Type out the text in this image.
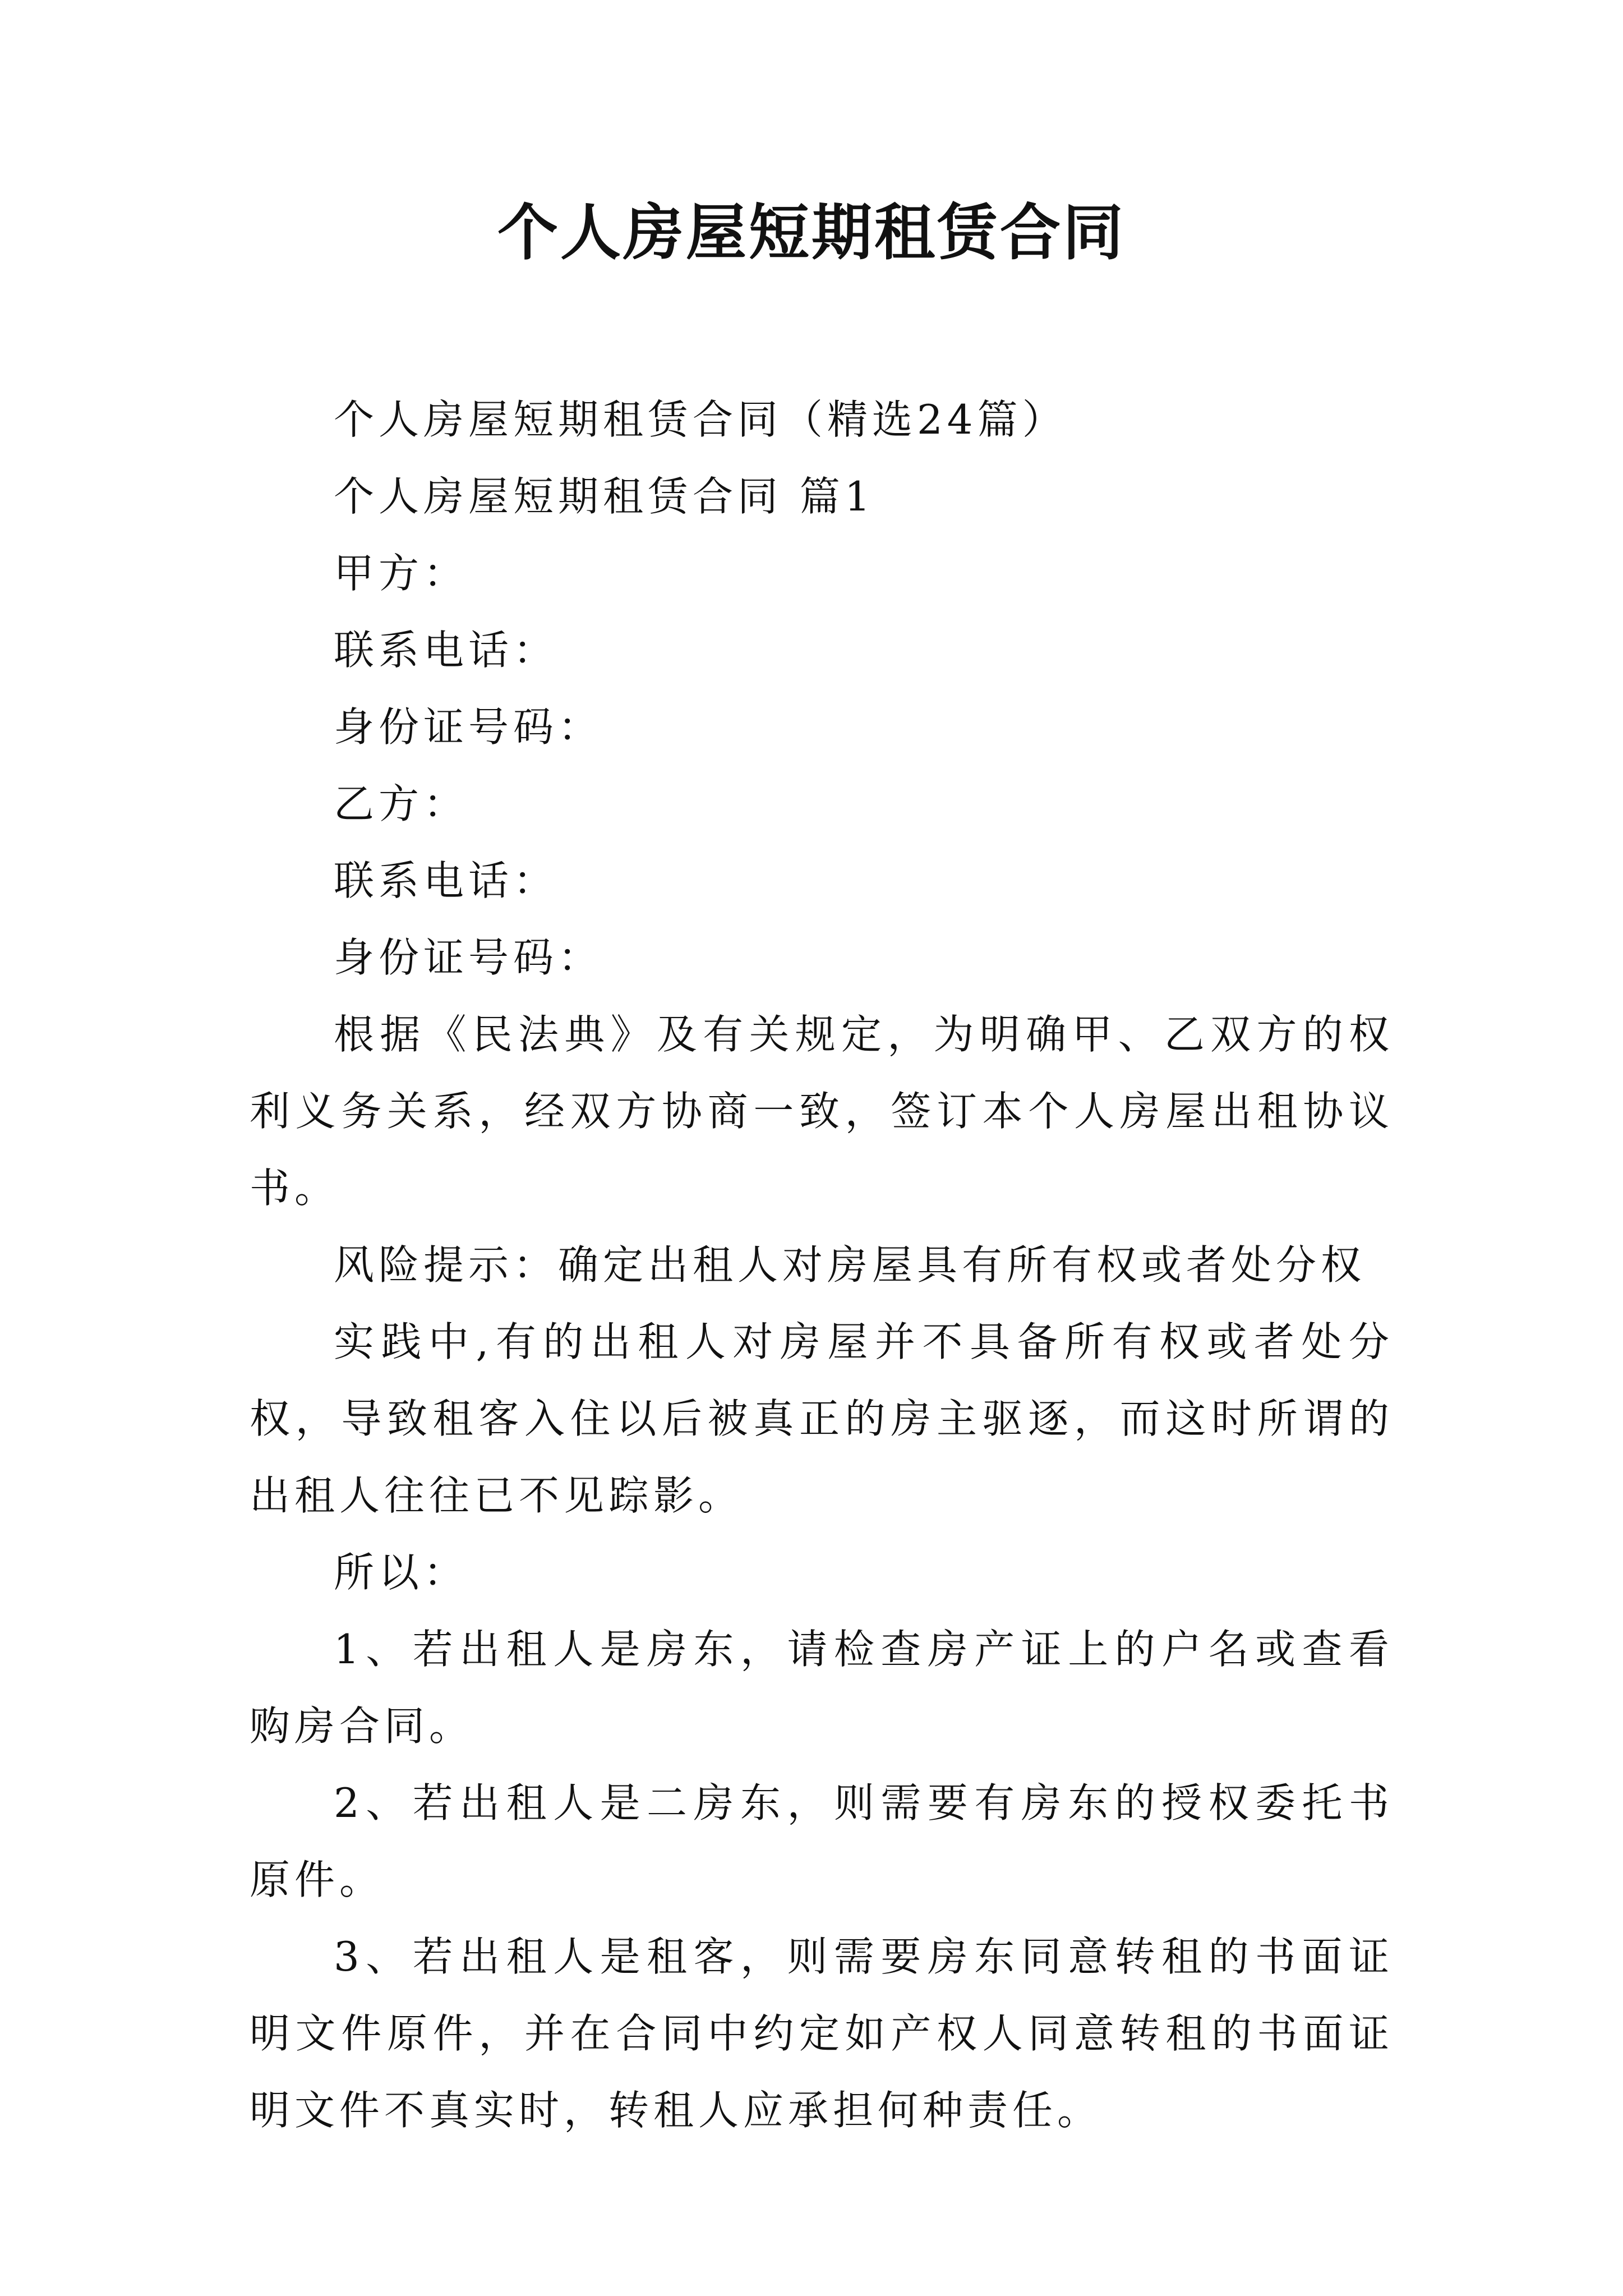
个人房屋短期租赁合同

个人房屋短期租赁合同（精选24篇）

个人房屋短期租赁合同 篇1

甲方：

联系电话：

身份证号码：

乙方：

联系电话：

身份证号码：

根据《民法典》及有关规定，为明确甲、乙双方的权利义务关系，经双方协商一致，签订本个人房屋出租协议书。

风险提示：确定出租人对房屋具有所有权或者处分权

实践中,有的出租人对房屋并不具备所有权或者处分权，导致租客入住以后被真正的房主驱逐，而这时所谓的出租人往往已不见踪影。

所以：

1、若出租人是房东，请检查房产证上的户名或查看购房合同。

2、若出租人是二房东，则需要有房东的授权委托书原件。

3、若出租人是租客，则需要房东同意转租的书面证明文件原件，并在合同中约定如产权人同意转租的书面证明文件不真实时，转租人应承担何种责任。
